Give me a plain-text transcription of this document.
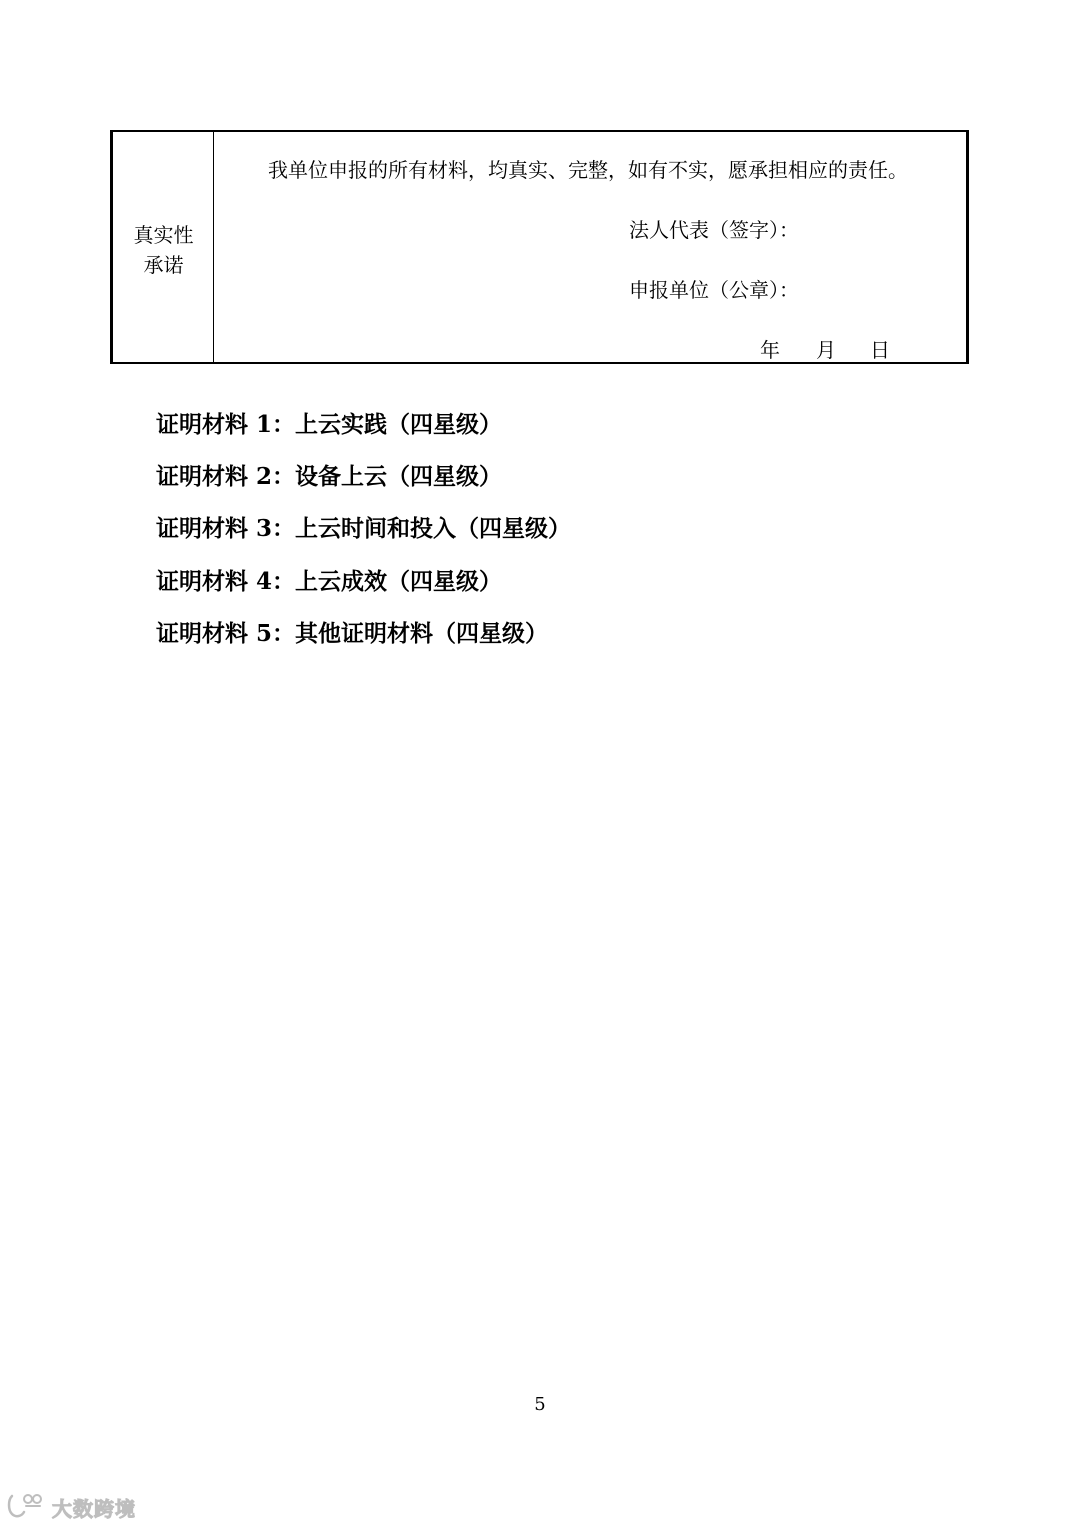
真实性
承诺
我单位申报的所有材料，均真实、完整，如有不实，愿承担相应的责任。
法人代表（签字）：
申报单位（公章）：
年 月 日
证明材料 1：上云实践（四星级）
证明材料 2：设备上云（四星级）
证明材料 3：上云时间和投入（四星级）
证明材料 4：上云成效（四星级）
证明材料 5：其他证明材料（四星级）
5
大数跨境
